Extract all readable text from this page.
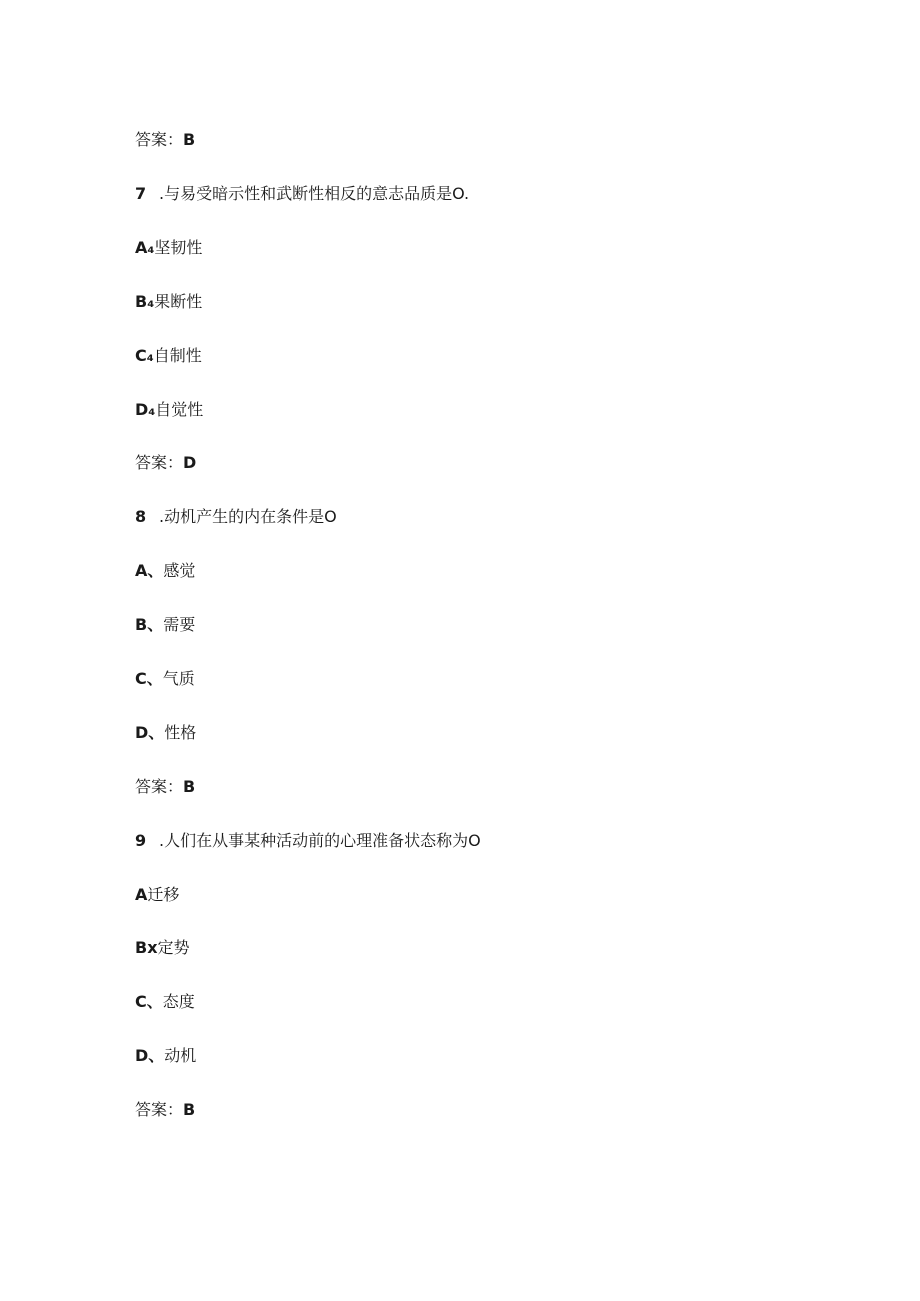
答案：B
7 .与易受暗示性和武断性相反的意志品质是O.
A₄坚韧性
B₄果断性
C₄自制性
D₄自觉性
答案：D
8 .动机产生的内在条件是O
A、感觉
B、需要
C、气质
D、性格
答案：B
9 .人们在从事某种活动前的心理准备状态称为O
A迁移
Bx定势
C、态度
D、动机
答案：B
